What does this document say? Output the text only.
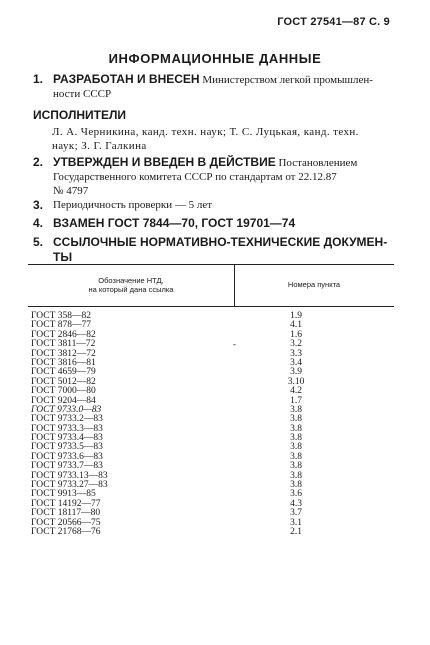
ГОСТ 27541—87 С. 9
ИНФОРМАЦИОННЫЕ ДАННЫЕ
1. РАЗРАБОТАН И ВНЕСЕН Министерством легкой промышлен-
ности СССР
ИСПОЛНИТЕЛИ
Л. А. Черникина, канд. техн. наук; Т. С. Луцькая, канд. техн.
наук; З. Г. Галкина
2. УТВЕРЖДЕН И ВВЕДЕН В ДЕЙСТВИЕ Постановлением
Государственного комитета СССР по стандартам от 22.12.87
№ 4797
3. Периодичность проверки — 5 лет
4. ВЗАМЕН ГОСТ 7844—70, ГОСТ 19701—74
5. ССЫЛОЧНЫЕ НОРМАТИВНО-ТЕХНИЧЕСКИЕ ДОКУМЕН-
ТЫ
Обозначение НТД,
на который дана ссылка
Номера пункта
-
ГОСТ 358—82	1.9
ГОСТ 878—77	4.1
ГОСТ 2846—82	1.6
ГОСТ 3811—72	3.2
ГОСТ 3812—72	3.3
ГОСТ 3816—81	3.4
ГОСТ 4659—79	3.9
ГОСТ 5012—82	3.10
ГОСТ 7000—80	4.2
ГОСТ 9204—84	1.7
ГОСТ 9733.0—83	3.8
ГОСТ 9733.2—83	3.8
ГОСТ 9733.3—83	3.8
ГОСТ 9733.4—83	3.8
ГОСТ 9733.5—83	3.8
ГОСТ 9733.6—83	3.8
ГОСТ 9733.7—83	3.8
ГОСТ 9733.13—83	3.8
ГОСТ 9733.27—83	3.8
ГОСТ 9913—85	3.6
ГОСТ 14192—77	4.3
ГОСТ 18117—80	3.7
ГОСТ 20566—75	3.1
ГОСТ 21768—76	2.1
